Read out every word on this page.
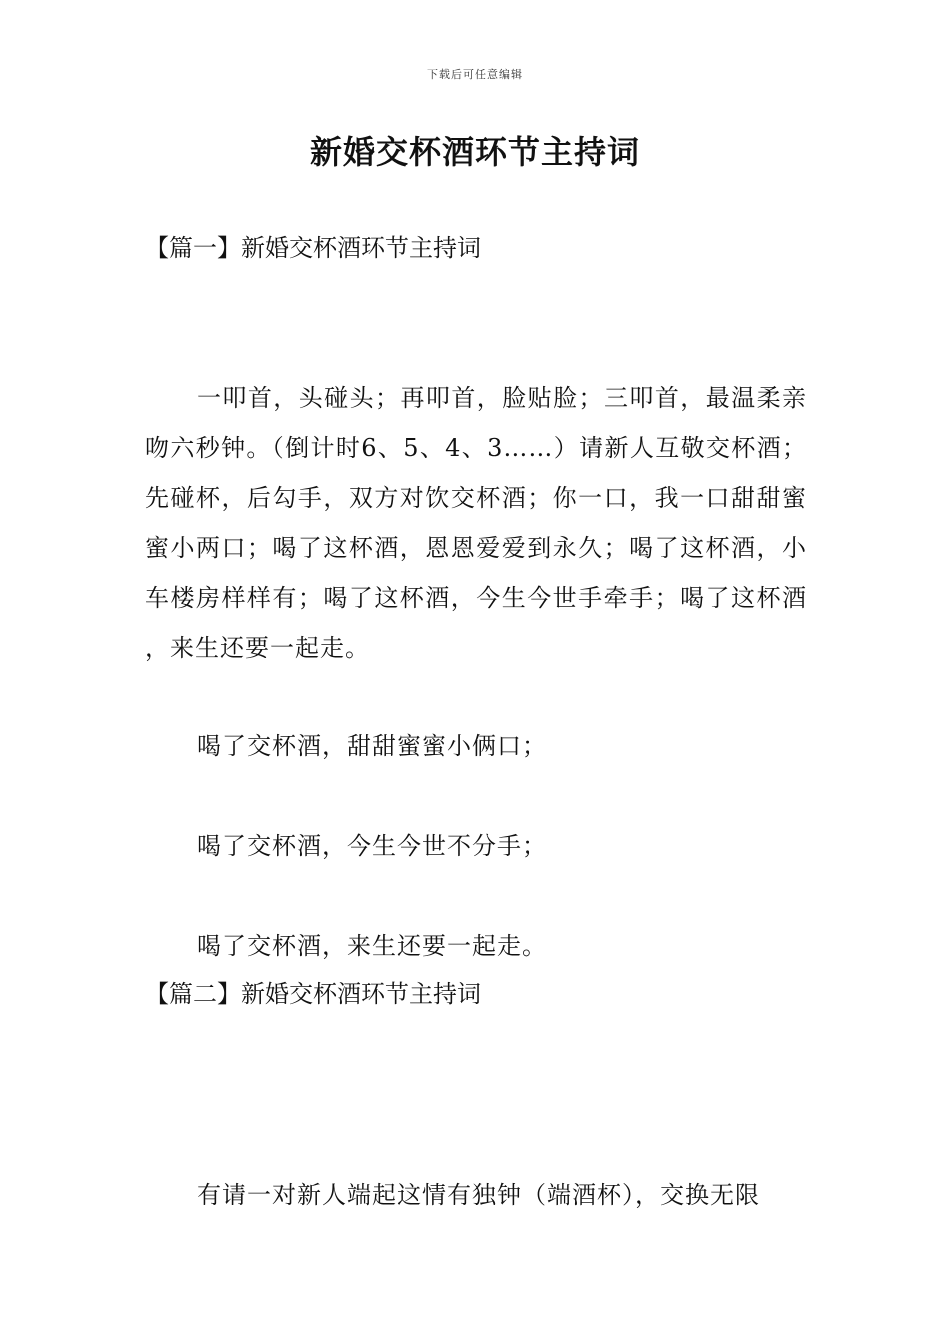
下载后可任意编辑
新婚交杯酒环节主持词
【篇一】新婚交杯酒环节主持词
一叩首，头碰头；再叩首，脸贴脸；三叩首，最温柔亲吻六秒钟。（倒计时6、5、4、3……）请新人互敬交杯酒；先碰杯，后勾手，双方对饮交杯酒；你一口，我一口甜甜蜜蜜小两口；喝了这杯酒，恩恩爱爱到永久；喝了这杯酒，小车楼房样样有；喝了这杯酒，今生今世手牵手；喝了这杯酒，来生还要一起走。
喝了交杯酒，甜甜蜜蜜小俩口；
喝了交杯酒，今生今世不分手；
喝了交杯酒，来生还要一起走。
【篇二】新婚交杯酒环节主持词
有请一对新人端起这情有独钟（端酒杯），交换无限
